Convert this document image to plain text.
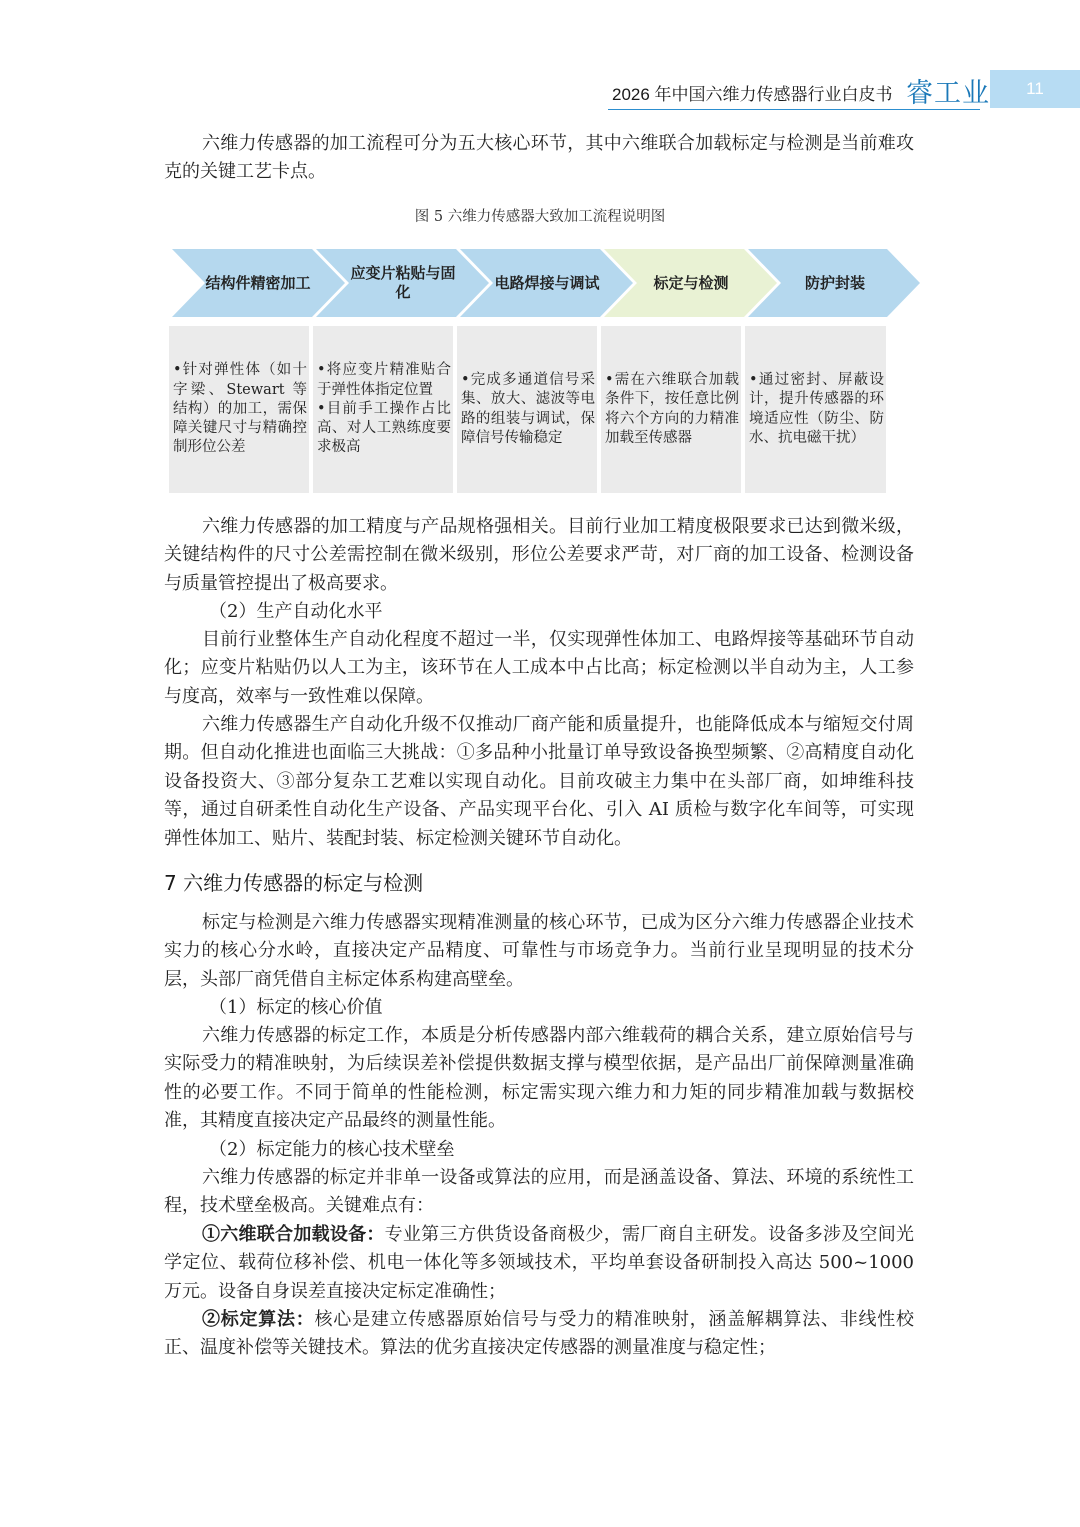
2026 年中国六维力传感器行业白皮书 睿工业	11

六维力传感器的加工流程可分为五大核心环节，其中六维联合加载标定与检测是当前难攻克的关键工艺卡点。

图 5 六维力传感器大致加工流程说明图
结构件精密加工
应变片粘贴与固化
电路焊接与调试	标定与检测	防护封装
•针对弹性体（如十字梁、Stewart 等结构）的加工，需保障关键尺寸与精确控制形位公差
•将应变片精准贴合于弹性体指定位置
•目前手工操作占比高、对人工熟练度要求极高
•完成多通道信号采集、放大、滤波等电路的组装与调试，保障信号传输稳定
•需在六维联合加载条件下，按任意比例将六个方向的力精准加载至传感器
•通过密封、屏蔽设计，提升传感器的环境适应性（防尘、防水、抗电磁干扰）

六维力传感器的加工精度与产品规格强相关。目前行业加工精度极限要求已达到微米级，关键结构件的尺寸公差需控制在微米级别，形位公差要求严苛，对厂商的加工设备、检测设备与质量管控提出了极高要求。

（2）生产自动化水平

目前行业整体生产自动化程度不超过一半，仅实现弹性体加工、电路焊接等基础环节自动化；应变片粘贴仍以人工为主，该环节在人工成本中占比高；标定检测以半自动为主，人工参与度高，效率与一致性难以保障。

六维力传感器生产自动化升级不仅推动厂商产能和质量提升，也能降低成本与缩短交付周期。但自动化推进也面临三大挑战：①多品种小批量订单导致设备换型频繁、②高精度自动化设备投资大、③部分复杂工艺难以实现自动化。目前攻破主力集中在头部厂商，如坤维科技等，通过自研柔性自动化生产设备、产品实现平台化、引入 AI 质检与数字化车间等，可实现弹性体加工、贴片、装配封装、标定检测关键环节自动化。

7 六维力传感器的标定与检测

标定与检测是六维力传感器实现精准测量的核心环节，已成为区分六维力传感器企业技术实力的核心分水岭，直接决定产品精度、可靠性与市场竞争力。当前行业呈现明显的技术分层，头部厂商凭借自主标定体系构建高壁垒。

（1）标定的核心价值

六维力传感器的标定工作，本质是分析传感器内部六维载荷的耦合关系，建立原始信号与实际受力的精准映射，为后续误差补偿提供数据支撑与模型依据，是产品出厂前保障测量准确性的必要工作。不同于简单的性能检测，标定需实现六维力和力矩的同步精准加载与数据校准，其精度直接决定产品最终的测量性能。

（2）标定能力的核心技术壁垒

六维力传感器的标定并非单一设备或算法的应用，而是涵盖设备、算法、环境的系统性工程，技术壁垒极高。关键难点有：

①六维联合加载设备：专业第三方供货设备商极少，需厂商自主研发。设备多涉及空间光学定位、载荷位移补偿、机电一体化等多领域技术，平均单套设备研制投入高达 500~1000 万元。设备自身误差直接决定标定准确性；

②标定算法：核心是建立传感器原始信号与受力的精准映射，涵盖解耦算法、非线性校正、温度补偿等关键技术。算法的优劣直接决定传感器的测量准度与稳定性；
